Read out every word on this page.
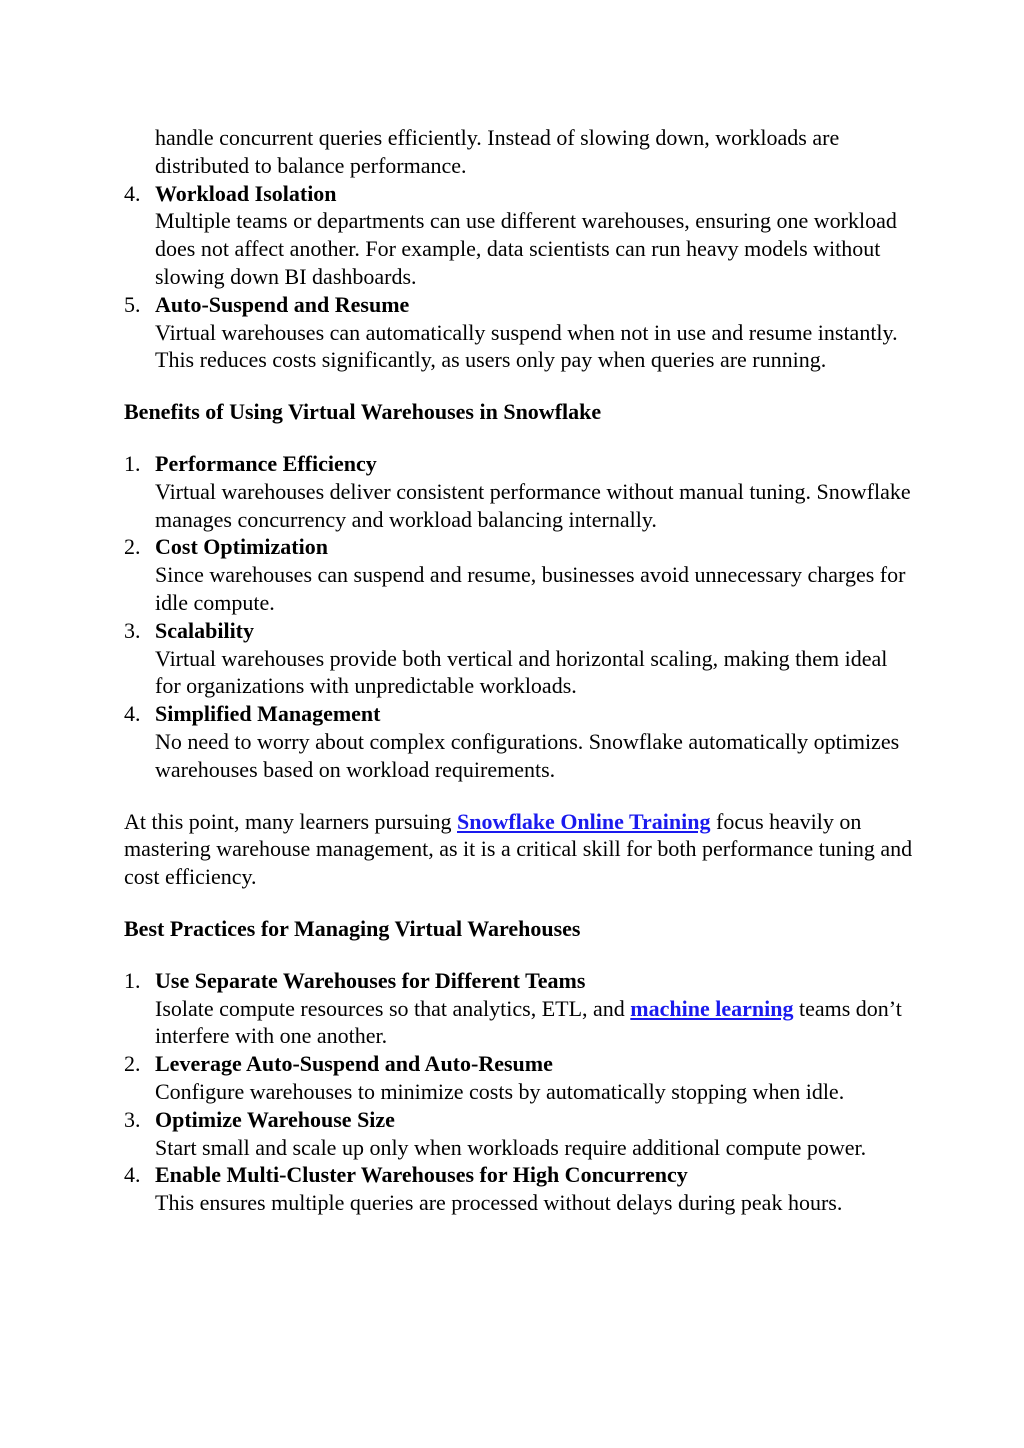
handle concurrent queries efficiently. Instead of slowing down, workloads are distributed to balance performance.
4. Workload Isolation
Multiple teams or departments can use different warehouses, ensuring one workload does not affect another. For example, data scientists can run heavy models without slowing down BI dashboards.
5. Auto-Suspend and Resume
Virtual warehouses can automatically suspend when not in use and resume instantly. This reduces costs significantly, as users only pay when queries are running.
Benefits of Using Virtual Warehouses in Snowflake
1. Performance Efficiency
Virtual warehouses deliver consistent performance without manual tuning. Snowflake manages concurrency and workload balancing internally.
2. Cost Optimization
Since warehouses can suspend and resume, businesses avoid unnecessary charges for idle compute.
3. Scalability
Virtual warehouses provide both vertical and horizontal scaling, making them ideal for organizations with unpredictable workloads.
4. Simplified Management
No need to worry about complex configurations. Snowflake automatically optimizes warehouses based on workload requirements.

At this point, many learners pursuing Snowflake Online Training focus heavily on mastering warehouse management, as it is a critical skill for both performance tuning and cost efficiency.

Best Practices for Managing Virtual Warehouses
1. Use Separate Warehouses for Different Teams
Isolate compute resources so that analytics, ETL, and machine learning teams don’t interfere with one another.
2. Leverage Auto-Suspend and Auto-Resume
Configure warehouses to minimize costs by automatically stopping when idle.
3. Optimize Warehouse Size
Start small and scale up only when workloads require additional compute power.
4. Enable Multi-Cluster Warehouses for High Concurrency
This ensures multiple queries are processed without delays during peak hours.
